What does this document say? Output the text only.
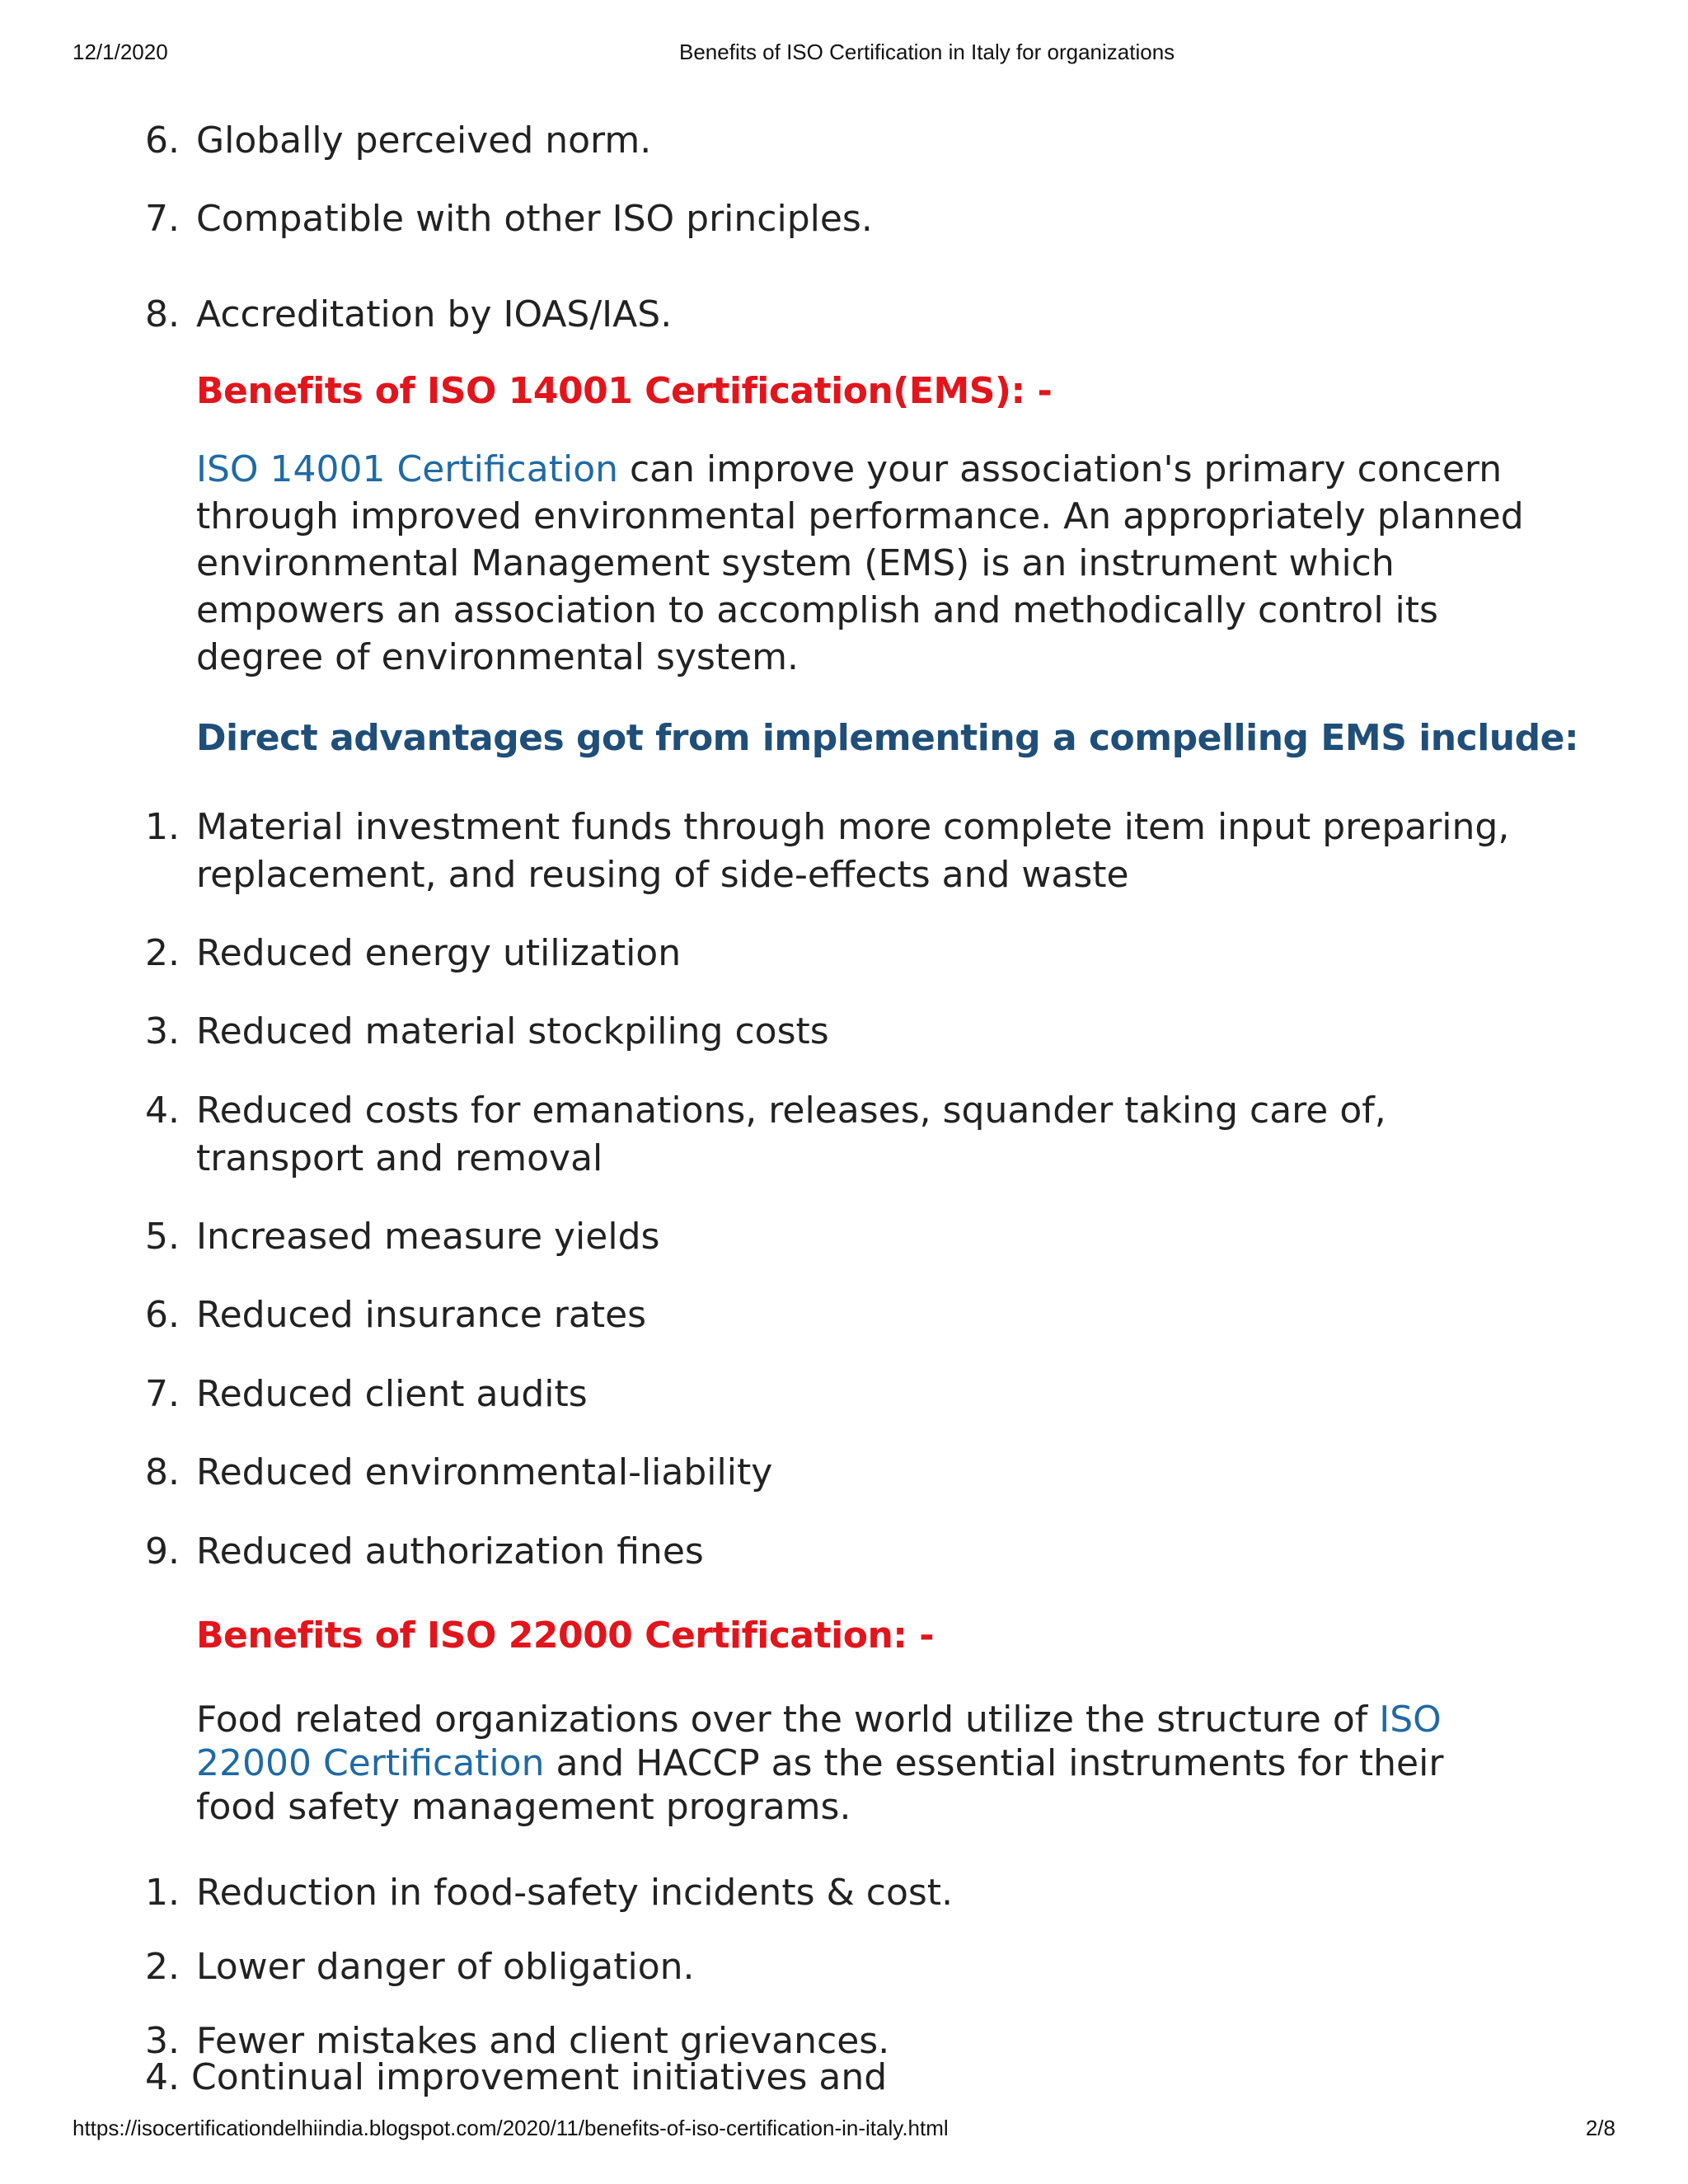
12/1/2020	Benefits of ISO Certification in Italy for organizations
6. Globally perceived norm.
7. Compatible with other ISO principles.
8. Accreditation by IOAS/IAS.
Benefits of ISO 14001 Certification(EMS): -
ISO 14001 Certification can improve your association's primary concern through improved environmental performance. An appropriately planned environmental Management system (EMS) is an instrument which empowers an association to accomplish and methodically control its degree of environmental system.
Direct advantages got from implementing a compelling EMS include:
1. Material investment funds through more complete item input preparing, replacement, and reusing of side-effects and waste
2. Reduced energy utilization
3. Reduced material stockpiling costs
4. Reduced costs for emanations, releases, squander taking care of, transport and removal
5. Increased measure yields
6. Reduced insurance rates
7. Reduced client audits
8. Reduced environmental-liability
9. Reduced authorization fines
Benefits of ISO 22000 Certification: -
Food related organizations over the world utilize the structure of ISO 22000 Certification and HACCP as the essential instruments for their food safety management programs.
1. Reduction in food-safety incidents & cost.
2. Lower danger of obligation.
3. Fewer mistakes and client grievances.
4. Continual improvement initiatives and
https://isocertificationdelhiindia.blogspot.com/2020/11/benefits-of-iso-certification-in-italy.html	2/8
